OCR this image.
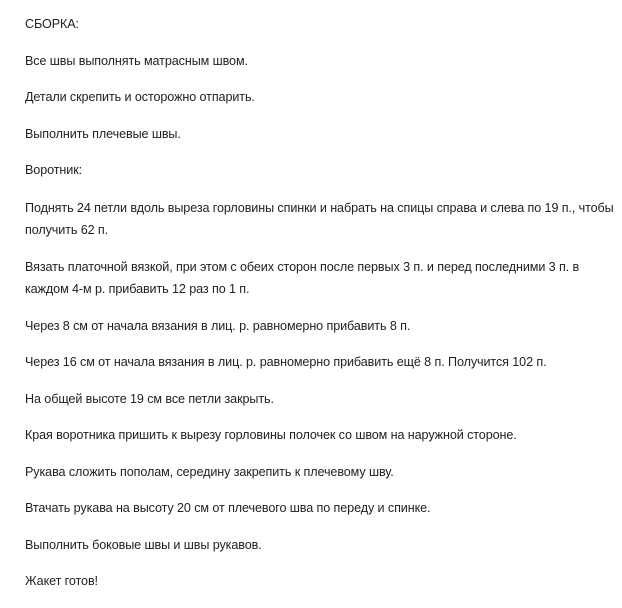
СБОРКА:

Все швы выполнять матрасным швом.

Детали скрепить и осторожно отпарить.

Выполнить плечевые швы.

Воротник:

Поднять 24 петли вдоль выреза горловины спинки и набрать на спицы справа и слева по 19 п., чтобы получить 62 п.

Вязать платочной вязкой, при этом с обеих сторон после первых 3 п. и перед последними 3 п. в каждом 4-м р. прибавить 12 раз по 1 п.

Через 8 см от начала вязания в лиц. р. равномерно прибавить 8 п.

Через 16 см от начала вязания в лиц. р. равномерно прибавить ещё 8 п. Получится 102 п.

На общей высоте 19 см все петли закрыть.

Края воротника пришить к вырезу горловины полочек со швом на наружной стороне.

Рукава сложить пополам, середину закрепить к плечевому шву.

Втачать рукава на высоту 20 см от плечевого шва по переду и спинке.

Выполнить боковые швы и швы рукавов.

Жакет готов!
